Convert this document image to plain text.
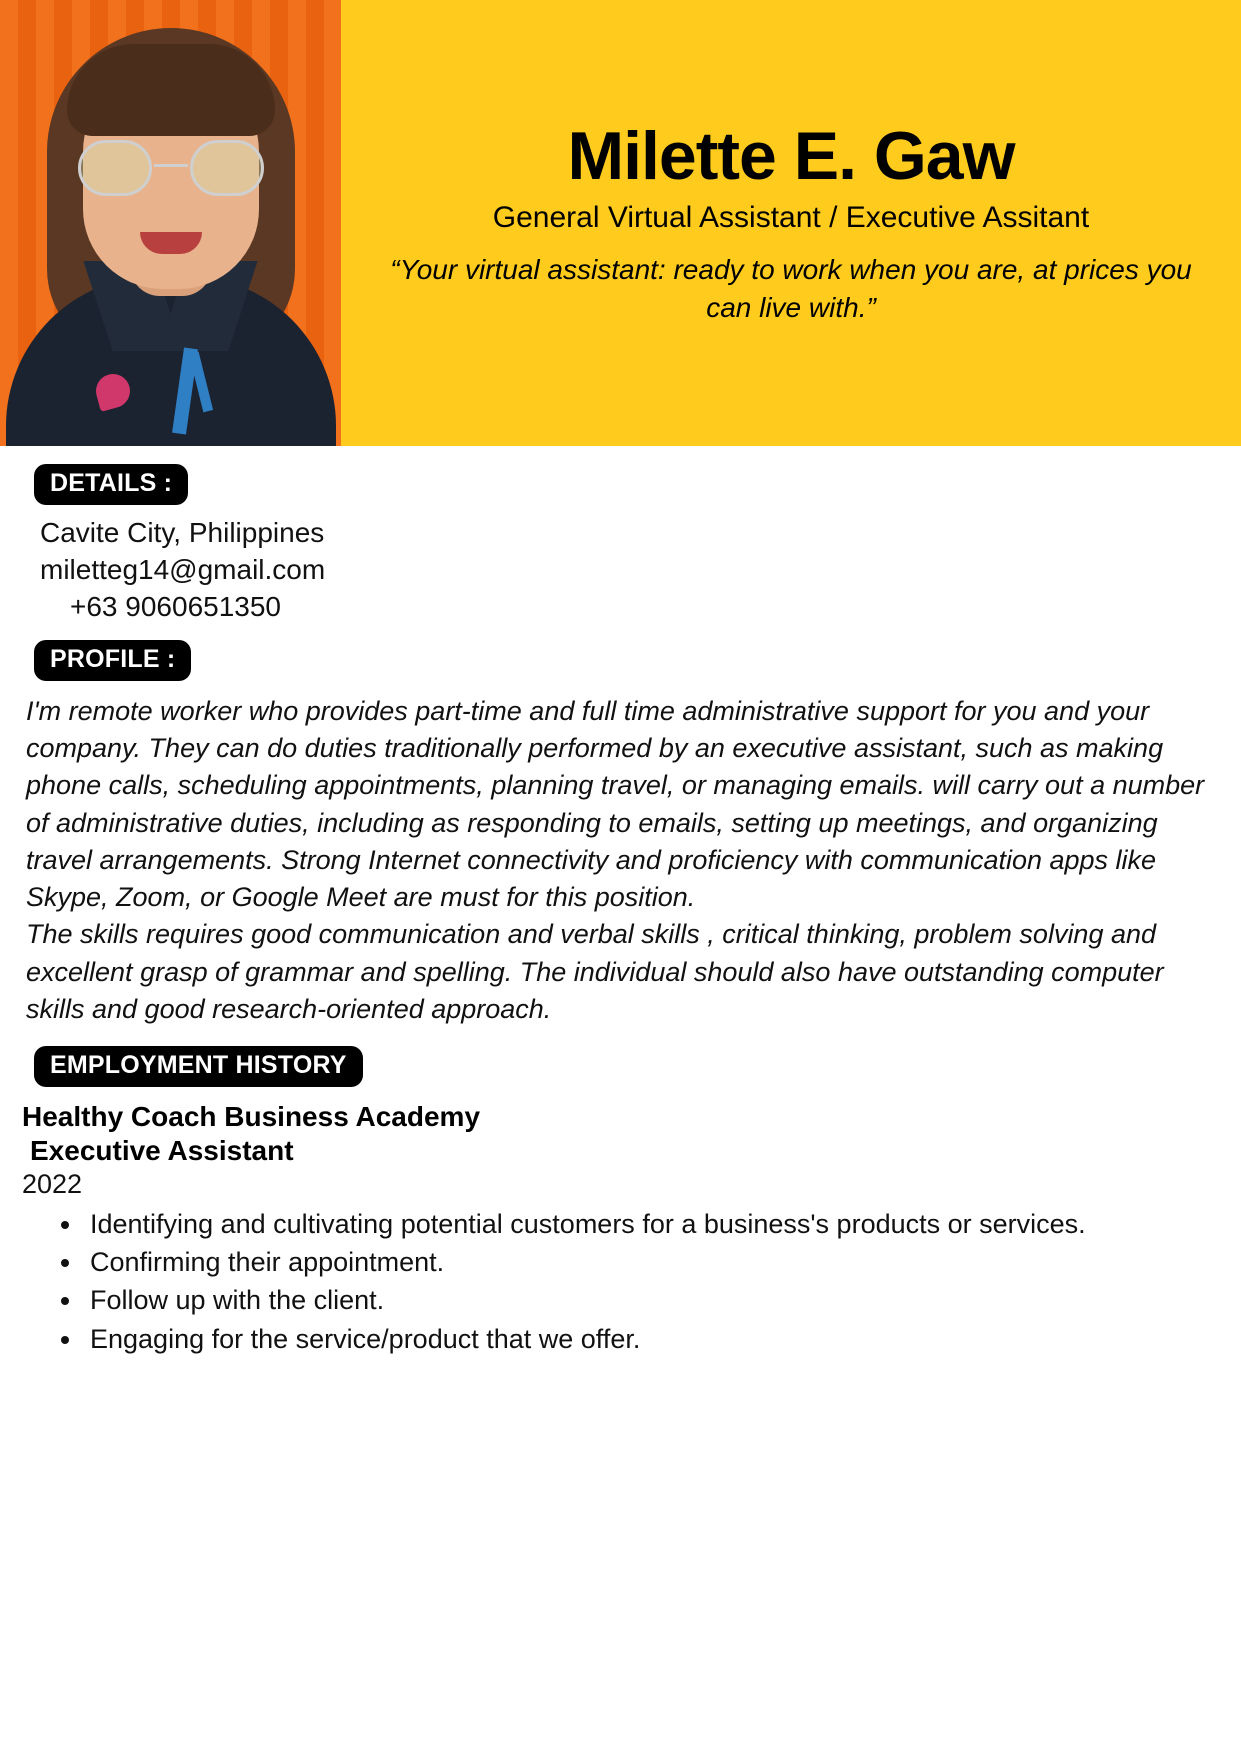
Milette E. Gaw
General Virtual Assistant / Executive Assitant
“Your virtual assistant: ready to work when you are, at prices you can live with.”
DETAILS :
Cavite City, Philippines
miletteg14@gmail.com
+63 9060651350
PROFILE :

I'm remote worker who provides part-time and full time administrative support for you and your company. They can do duties traditionally performed by an executive assistant, such as making phone calls, scheduling appointments, planning travel, or managing emails. will carry out a number of administrative duties, including as responding to emails, setting up meetings, and organizing travel arrangements. Strong Internet connectivity and proficiency with communication apps like Skype, Zoom, or Google Meet are must for this position.

The skills requires good communication and verbal skills , critical thinking, problem solving and excellent grasp of grammar and spelling. The individual should also have outstanding computer skills and good research-oriented approach.

EMPLOYMENT HISTORY
Healthy Coach Business Academy
Executive Assistant
2022
• Identifying and cultivating potential customers for a business's products or services.
• Confirming their appointment.
• Follow up with the client.
• Engaging for the service/product that we offer.
